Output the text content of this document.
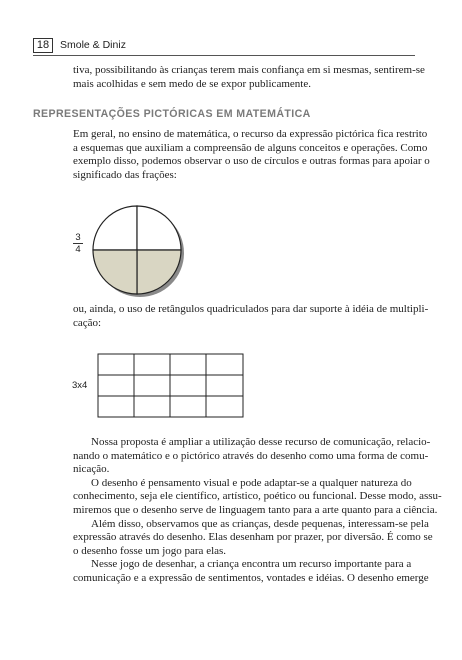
18	Smole & Diniz

tiva, possibilitando às crianças terem mais confiança em si mesmas, sentirem-se
mais acolhidas e sem medo de se expor publicamente.

REPRESENTAÇÕES PICTÓRICAS EM MATEMÁTICA

Em geral, no ensino de matemática, o recurso da expressão pictórica fica restrito
a esquemas que auxiliam a compreensão de alguns conceitos e operações. Como
exemplo disso, podemos observar o uso de círculos e outras formas para apoiar o
significado das frações:

3
4

ou, ainda, o uso de retângulos quadriculados para dar suporte à idéia de multipli-
cação:

3x4

Nossa proposta é ampliar a utilização desse recurso de comunicação, relacio-
nando o matemático e o pictórico através do desenho como uma forma de comu-
nicação.
O desenho é pensamento visual e pode adaptar-se a qualquer natureza do
conhecimento, seja ele científico, artístico, poético ou funcional. Desse modo, assu-
miremos que o desenho serve de linguagem tanto para a arte quanto para a ciência.
Além disso, observamos que as crianças, desde pequenas, interessam-se pela
expressão através do desenho. Elas desenham por prazer, por diversão. É como se
o desenho fosse um jogo para elas.
Nesse jogo de desenhar, a criança encontra um recurso importante para a
comunicação e a expressão de sentimentos, vontades e idéias. O desenho emerge
